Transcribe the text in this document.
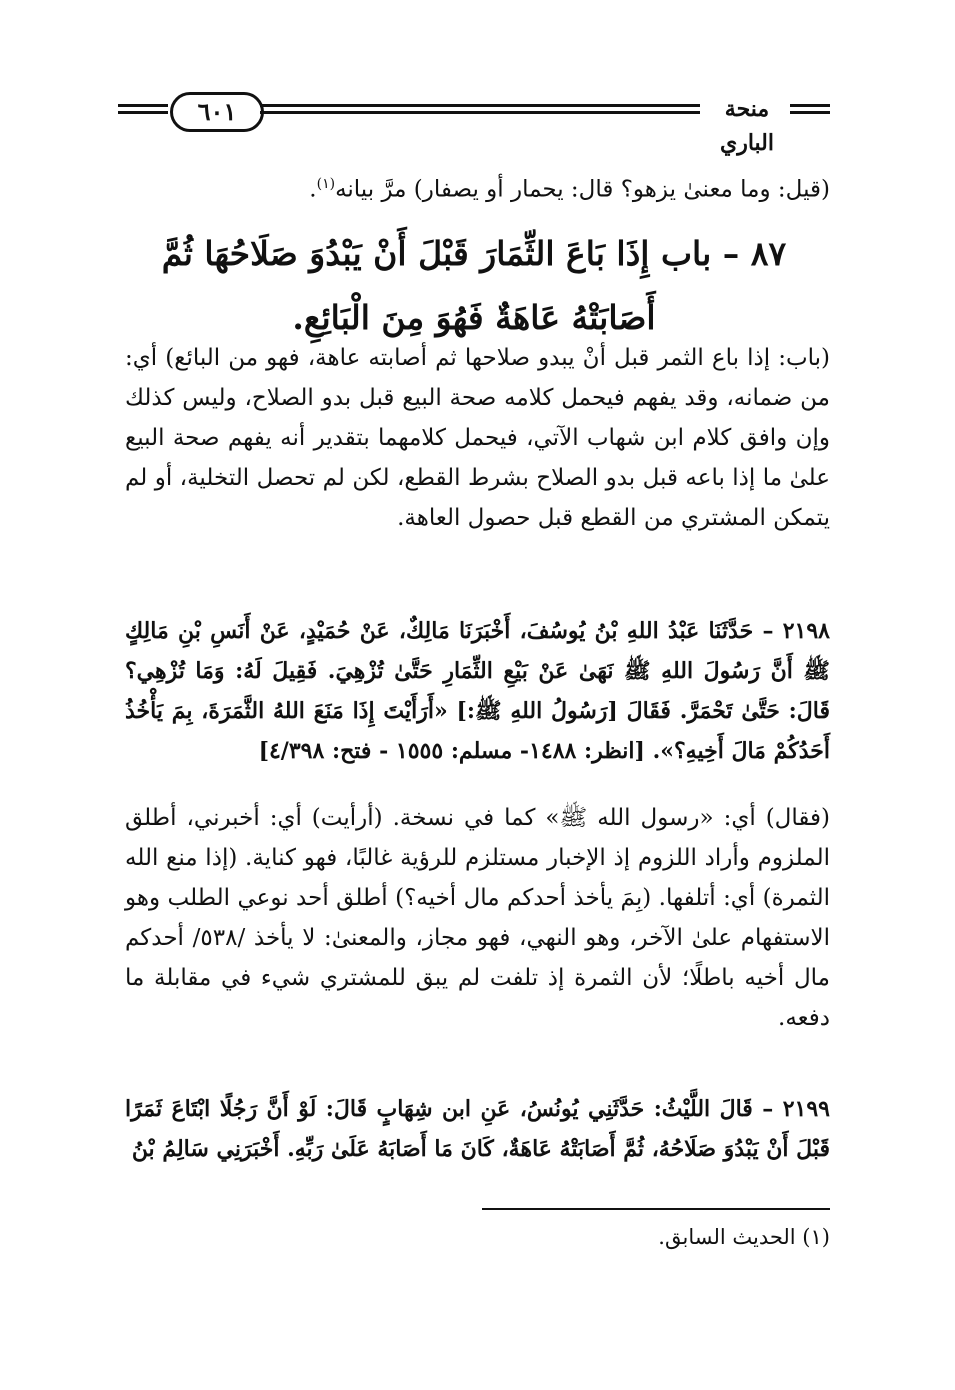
٦٠١	منحة الباري
(قيل: وما معنىٰ يزهو؟ قال: يحمار أو يصفار) مرَّ بيانه$^{(١)}$.
٨٧ – باب إِذَا بَاعَ الثِّمَارَ قَبْلَ أَنْ يَبْدُوَ صَلَاحُهَا ثُمَّ أَصَابَتْهُ عَاهَةٌ فَهُوَ مِنَ الْبَائِعِ.
(باب: إذا باع الثمر قبل أنْ يبدو صلاحها ثم أصابته عاهة، فهو من البائع) أي: من ضمانه، وقد يفهم فيحمل كلامه صحة البيع قبل بدو الصلاح، وليس كذلك وإن وافق كلام ابن شهاب الآتي، فيحمل كلامهما بتقدير أنه يفهم صحة البيع علىٰ ما إذا باعه قبل بدو الصلاح بشرط القطع، لكن لم تحصل التخلية، أو لم يتمكن المشتري من القطع قبل حصول العاهة.
٢١٩٨ – حَدَّثَنَا عَبْدُ اللهِ بْنُ يُوسُفَ، أَخْبَرَنَا مَالِكٌ، عَنْ حُمَيْدٍ، عَنْ أَنَسِ بْنِ مَالِكٍ ﷺ أَنَّ رَسُولَ اللهِ ﷺ نَهَىٰ عَنْ بَيْعِ الثِّمَارِ حَتَّىٰ تُزْهِيَ. فَقِيلَ لَهُ: وَمَا تُزْهِي؟ قَالَ: حَتَّىٰ تَحْمَرَّ. فَقَالَ [رَسُولُ اللهِ ﷺ:] «أَرَأَيْتَ إِذَا مَنَعَ اللهُ الثَّمَرَةَ، بِمَ يَأْخُذُ أَحَدُكُمْ مَالَ أَخِيهِ؟». [انظر: ١٤٨٨- مسلم: ١٥٥٥ - فتح: ٤/٣٩٨]
(فقال) أي: «رسول الله ﷺ» كما في نسخة. (أرأيت) أي: أخبرني، أطلق الملزوم وأراد اللزوم إذ الإخبار مستلزم للرؤية غالبًا، فهو كناية. (إذا منع الله الثمرة) أي: أتلفها. (بِمَ يأخذ أحدكم مال أخيه؟) أطلق أحد نوعي الطلب وهو الاستفهام علىٰ الآخر، وهو النهي، فهو مجاز، والمعنىٰ: لا يأخذ /٥٣٨/ أحدكم مال أخيه باطلًا؛ لأن الثمرة إذ تلفت لم يبق للمشتري شيء في مقابلة ما دفعه.
٢١٩٩ – قَالَ اللَّيْثُ: حَدَّثَنِي يُونُسُ، عَنِ ابن شِهَابٍ قَالَ: لَوْ أَنَّ رَجُلًا ابْتَاعَ ثَمَرًا قَبْلَ أَنْ يَبْدُوَ صَلَاحُهُ، ثُمَّ أَصَابَتْهُ عَاهَةٌ، كَانَ مَا أَصَابَهُ عَلَىٰ رَبِّهِ. أَخْبَرَنِي سَالِمُ بْنُ
(١) الحديث السابق.
